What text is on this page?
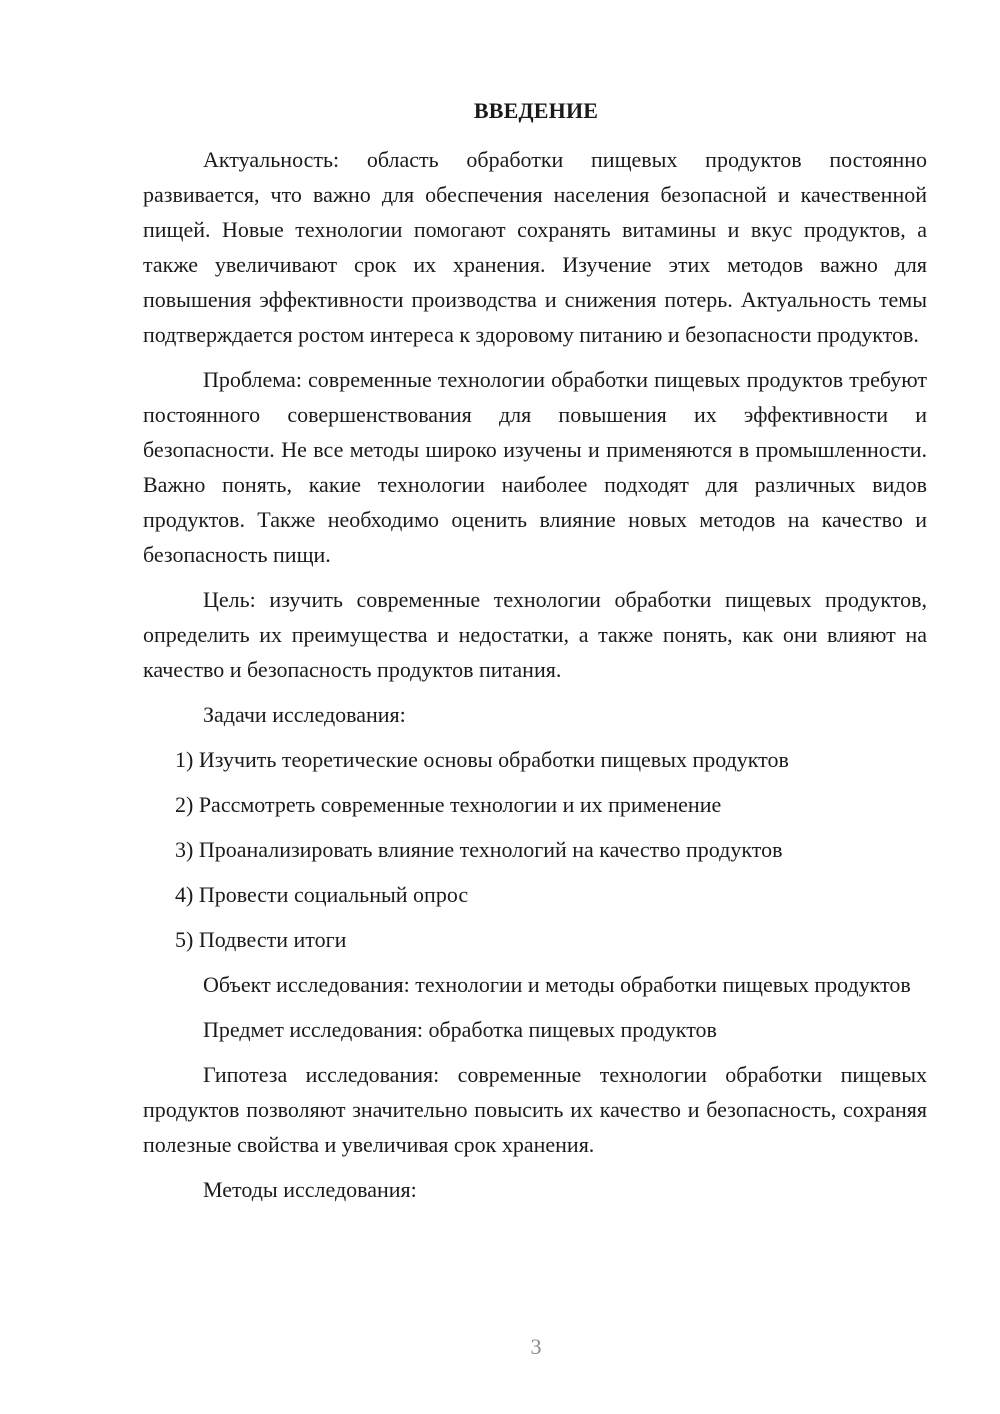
ВВЕДЕНИЕ

Актуальность: область обработки пищевых продуктов постоянно развивается, что важно для обеспечения населения безопасной и качественной пищей. Новые технологии помогают сохранять витамины и вкус продуктов, а также увеличивают срок их хранения. Изучение этих методов важно для повышения эффективности производства и снижения потерь. Актуальность темы подтверждается ростом интереса к здоровому питанию и безопасности продуктов.

Проблема: современные технологии обработки пищевых продуктов требуют постоянного совершенствования для повышения их эффективности и безопасности. Не все методы широко изучены и применяются в промышленности. Важно понять, какие технологии наиболее подходят для различных видов продуктов. Также необходимо оценить влияние новых методов на качество и безопасность пищи.

Цель: изучить современные технологии обработки пищевых продуктов, определить их преимущества и недостатки, а также понять, как они влияют на качество и безопасность продуктов питания.

Задачи исследования:

1) Изучить теоретические основы обработки пищевых продуктов
2) Рассмотреть современные технологии и их применение
3) Проанализировать влияние технологий на качество продуктов
4) Провести социальный опрос
5) Подвести итоги

Объект исследования: технологии и методы обработки пищевых продуктов

Предмет исследования: обработка пищевых продуктов

Гипотеза исследования: современные технологии обработки пищевых продуктов позволяют значительно повысить их качество и безопасность, сохраняя полезные свойства и увеличивая срок хранения.

Методы исследования:

3
